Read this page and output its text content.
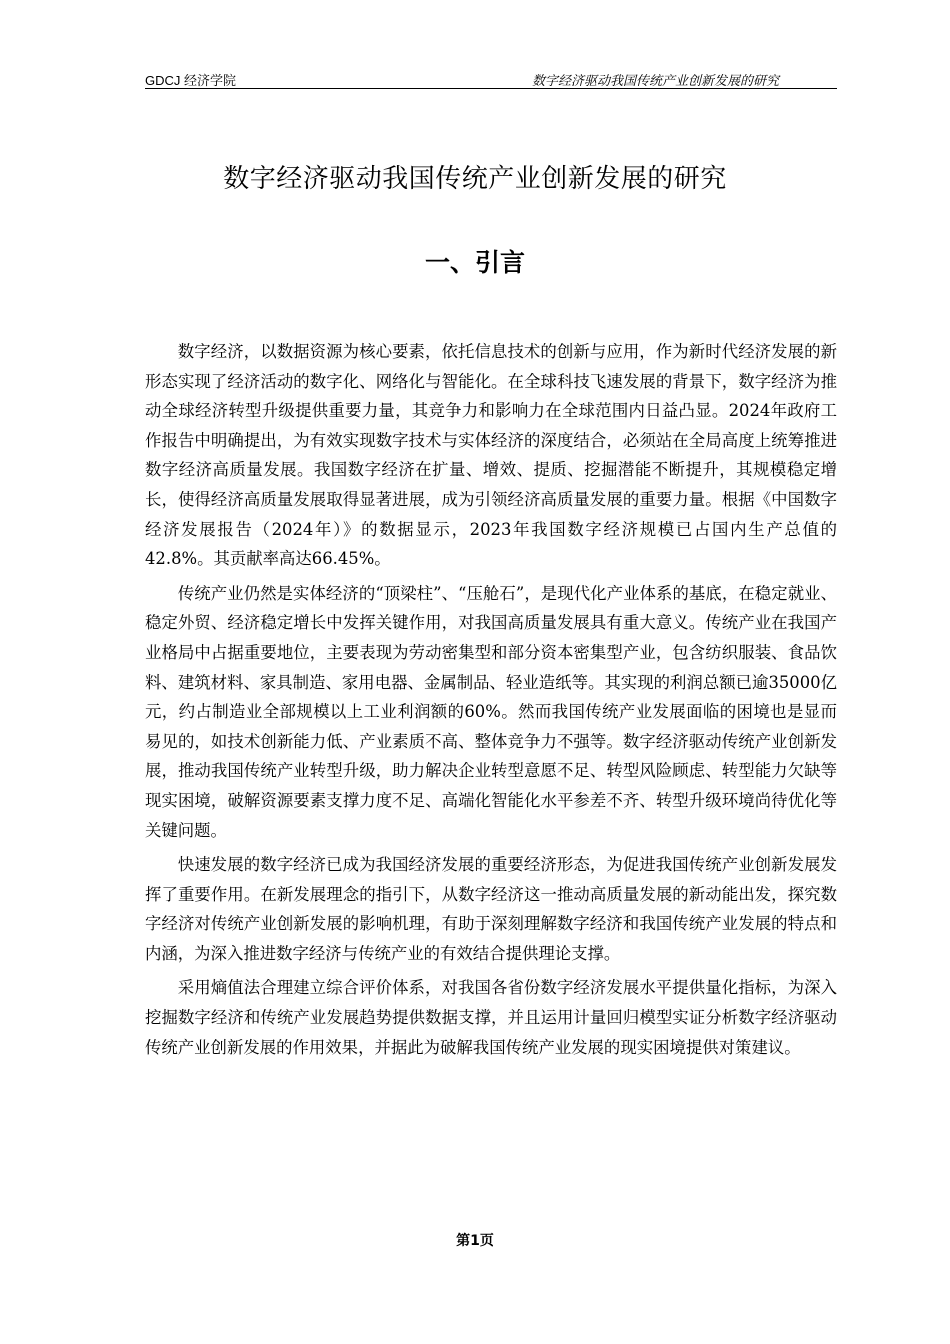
GDCJ 经济学院	数字经济驱动我国传统产业创新发展的研究
数字经济驱动我国传统产业创新发展的研究
一、引言

数字经济，以数据资源为核心要素，依托信息技术的创新与应用，作为新时代经济发展的新形态实现了经济活动的数字化、网络化与智能化。在全球科技飞速发展的背景下，数字经济为推动全球经济转型升级提供重要力量，其竞争力和影响力在全球范围内日益凸显。2024年政府工作报告中明确提出，为有效实现数字技术与实体经济的深度结合，必须站在全局高度上统筹推进数字经济高质量发展。我国数字经济在扩量、增效、提质、挖掘潜能不断提升，其规模稳定增长，使得经济高质量发展取得显著进展，成为引领经济高质量发展的重要力量。根据《中国数字经济发展报告（2024年）》的数据显示，2023年我国数字经济规模已占国内生产总值的42.8%。其贡献率高达66.45%。

传统产业仍然是实体经济的“顶梁柱”、“压舱石”，是现代化产业体系的基底，在稳定就业、稳定外贸、经济稳定增长中发挥关键作用，对我国高质量发展具有重大意义。传统产业在我国产业格局中占据重要地位，主要表现为劳动密集型和部分资本密集型产业，包含纺织服装、食品饮料、建筑材料、家具制造、家用电器、金属制品、轻业造纸等。其实现的利润总额已逾35000亿元，约占制造业全部规模以上工业利润额的60%。然而我国传统产业发展面临的困境也是显而易见的，如技术创新能力低、产业素质不高、整体竞争力不强等。数字经济驱动传统产业创新发展，推动我国传统产业转型升级，助力解决企业转型意愿不足、转型风险顾虑、转型能力欠缺等现实困境，破解资源要素支撑力度不足、高端化智能化水平参差不齐、转型升级环境尚待优化等关键问题。

快速发展的数字经济已成为我国经济发展的重要经济形态，为促进我国传统产业创新发展发挥了重要作用。在新发展理念的指引下，从数字经济这一推动高质量发展的新动能出发，探究数字经济对传统产业创新发展的影响机理，有助于深刻理解数字经济和我国传统产业发展的特点和内涵，为深入推进数字经济与传统产业的有效结合提供理论支撑。

采用熵值法合理建立综合评价体系，对我国各省份数字经济发展水平提供量化指标，为深入挖掘数字经济和传统产业发展趋势提供数据支撑，并且运用计量回归模型实证分析数字经济驱动传统产业创新发展的作用效果，并据此为破解我国传统产业发展的现实困境提供对策建议。

第1页
